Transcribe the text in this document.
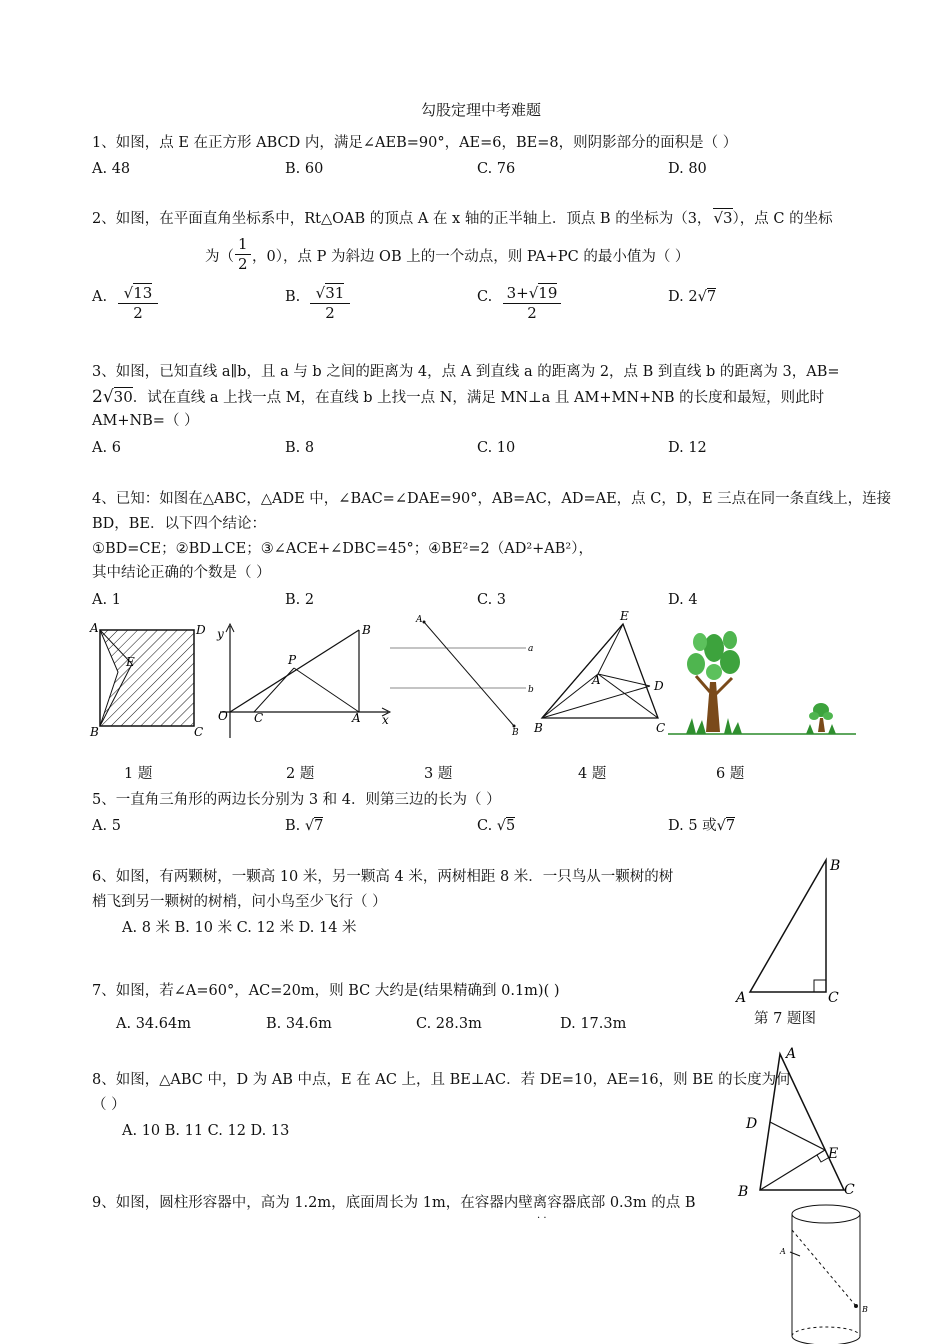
勾股定理中考难题
1、如图，点 E 在正方形 ABCD 内，满足∠AEB=90°，AE=6，BE=8，则阴影部分的面积是（ ）
A. 48	B. 60	C. 76	D. 80
2、如图，在平面直角坐标系中，Rt△OAB 的顶点 A 在 x 轴的正半轴上．顶点 B 的坐标为（3， √3），点 C 的坐标
为（
1
2 ，0），点 P 为斜边 OB 上的一个动点，则 PA+PC 的最小值为（ ）
A.	√13
2
B.	√31
2
C. 3+√19
2
D. 2√7
3、如图，已知直线 a∥b，且 a 与 b 之间的距离为 4，点 A 到直线 a 的距离为 2，点 B 到直线 b 的距离为 3，AB=
2√30．试在直线 a 上找一点 M，在直线 b 上找一点 N，满足 MN⊥a 且 AM+MN+NB 的长度和最短，则此时
AM+NB=（ ）
A. 6	B. 8	C. 10	D. 12
4、已知：如图在△ABC，△ADE 中，∠BAC=∠DAE=90°，AB=AC，AD=AE，点 C，D，E 三点在同一条直线上，连接
BD，BE．以下四个结论：
①BD=CE；②BD⊥CE；③∠ACE+∠DBC=45°；④BE²=2（AD²+AB²），
其中结论正确的个数是（ ）
A. 1	B. 2	C. 3	D. 4
A	D
E
B	C
y	B
P
O C	A x
A
a
b
B
E
A	D
B	C
1 题	2 题	3 题	4 题	6 题
5、一直角三角形的两边长分别为 3 和 4．则第三边的长为（ ）
A. 5	B. √7	C. √5	D. 5 或√7
6、如图，有两颗树，一颗高 10 米，另一颗高 4 米，两树相距 8 米．一只鸟从一颗树的树
梢飞到另一颗树的树梢，问小鸟至少飞行（ ）
A. 8 米 B. 10 米 C. 12 米 D. 14 米
B
A	C
第 7 题图
7、如图，若∠A=60°，AC=20m，则 BC 大约是(结果精确到 0.1m)( )
A. 34.64m	B. 34.6m	C. 28.3m	D. 17.3m
A
D
E
B	C
8、如图，△ABC 中，D 为 AB 中点，E 在 AC 上，且 BE⊥AC．若 DE=10，AE=16，则 BE 的长度为何
（ ）
A. 10 B. 11 C. 12 D. 13
9、如图，圆柱形容器中，高为 1.2m，底面周长为 1m，在容器内壁离容器底部 0.3m 的点 B
· ·
A
B
